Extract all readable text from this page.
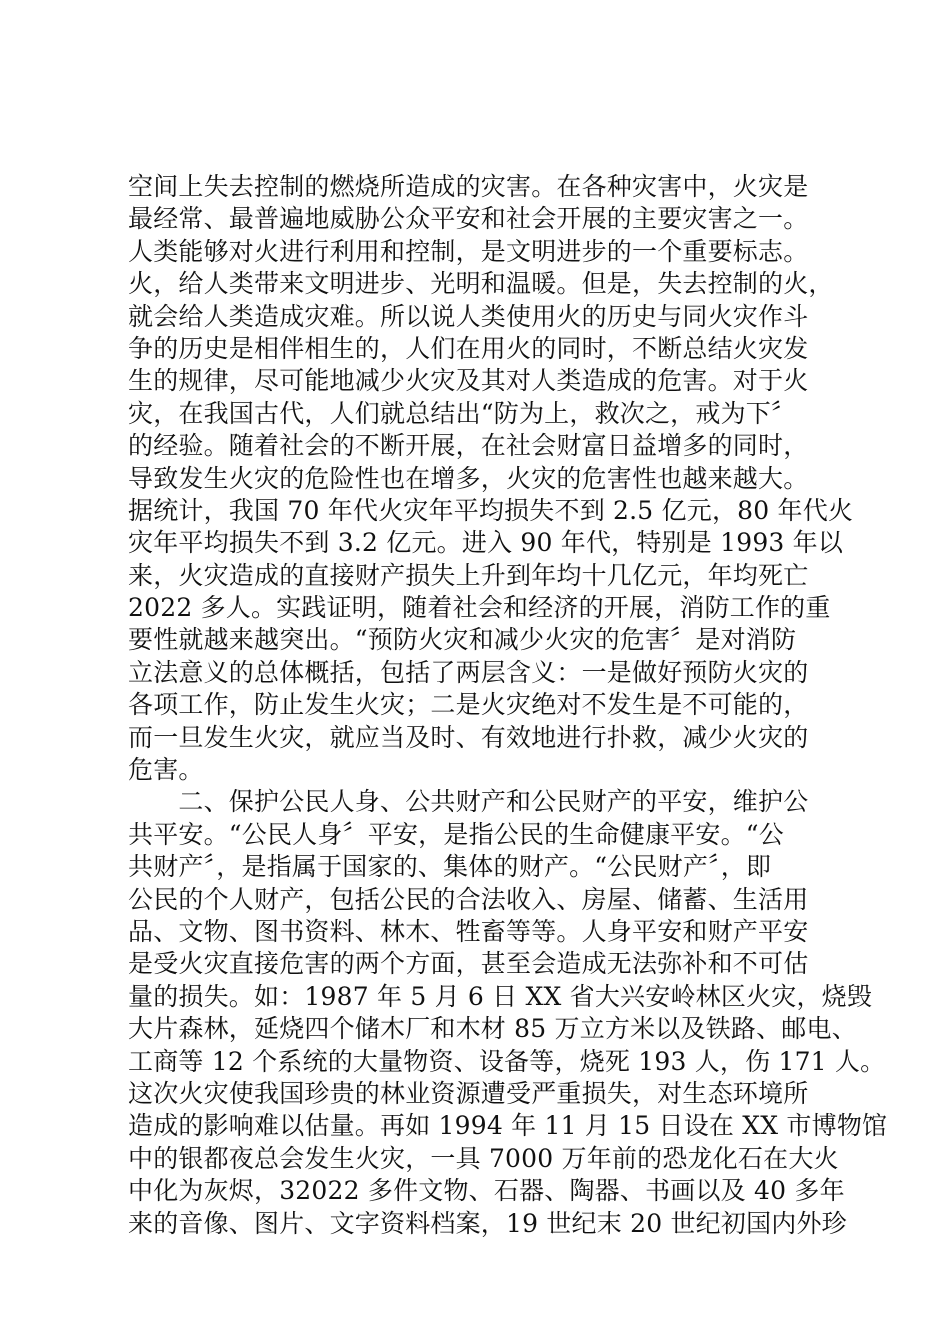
空间上失去控制的燃烧所造成的灾害。在各种灾害中，火灾是
最经常、最普遍地威胁公众平安和社会开展的主要灾害之一。
人类能够对火进行利用和控制，是文明进步的一个重要标志。
火，给人类带来文明进步、光明和温暖。但是，失去控制的火，
就会给人类造成灾难。所以说人类使用火的历史与同火灾作斗
争的历史是相伴相生的，人们在用火的同时，不断总结火灾发
生的规律，尽可能地减少火灾及其对人类造成的危害。对于火
灾，在我国古代，人们就总结出“防为上，救次之，戒为下〞
的经验。随着社会的不断开展，在社会财富日益增多的同时，
导致发生火灾的危险性也在增多，火灾的危害性也越来越大。
据统计，我国 70 年代火灾年平均损失不到 2.5 亿元，80 年代火
灾年平均损失不到 3.2 亿元。进入 90 年代，特别是 1993 年以
来，火灾造成的直接财产损失上升到年均十几亿元，年均死亡
2022 多人。实践证明，随着社会和经济的开展，消防工作的重
要性就越来越突出。“预防火灾和减少火灾的危害〞是对消防
立法意义的总体概括，包括了两层含义：一是做好预防火灾的
各项工作，防止发生火灾；二是火灾绝对不发生是不可能的，
而一旦发生火灾，就应当及时、有效地进行扑救，减少火灾的
危害。
　　二、保护公民人身、公共财产和公民财产的平安，维护公
共平安。“公民人身〞平安，是指公民的生命健康平安。“公
共财产〞，是指属于国家的、集体的财产。“公民财产〞，即
公民的个人财产，包括公民的合法收入、房屋、储蓄、生活用
品、文物、图书资料、林木、牲畜等等。人身平安和财产平安
是受火灾直接危害的两个方面，甚至会造成无法弥补和不可估
量的损失。如：1987 年 5 月 6 日 XX 省大兴安岭林区火灾，烧毁
大片森林，延烧四个储木厂和木材 85 万立方米以及铁路、邮电、
工商等 12 个系统的大量物资、设备等，烧死 193 人，伤 171 人。
这次火灾使我国珍贵的林业资源遭受严重损失，对生态环境所
造成的影响难以估量。再如 1994 年 11 月 15 日设在 XX 市博物馆
中的银都夜总会发生火灾，一具 7000 万年前的恐龙化石在大火
中化为灰烬，32022 多件文物、石器、陶器、书画以及 40 多年
来的音像、图片、文字资料档案，19 世纪末 20 世纪初国内外珍
